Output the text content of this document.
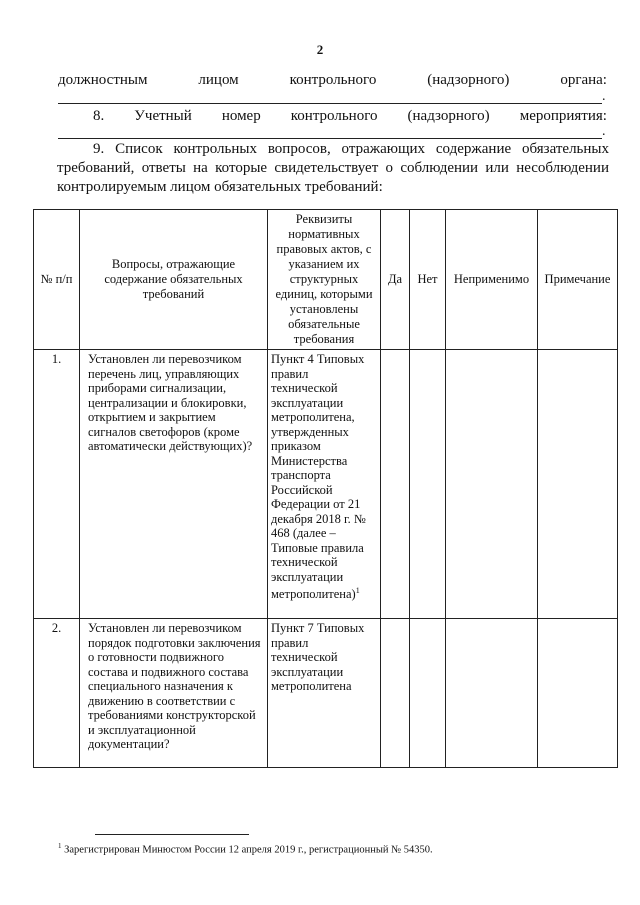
2
должностным	лицом	контрольного	(надзорного)	органа:
.
8. Учетный номер контрольного (надзорного) мероприятия:
.
9. Список контрольных вопросов, отражающих содержание обязательных требований, ответы на которые свидетельствует о соблюдении или несоблюдении контролируемым лицом обязательных требований:
№ п/п	Вопросы, отражающие содержание обязательных требований	Реквизиты нормативных правовых актов, с указанием их структурных единиц, которыми установлены обязательные требования	Да	Нет	Неприменимо	Примечание
1.	Установлен ли перевозчиком перечень лиц, управляющих приборами сигнализации, централизации и блокировки, открытием и закрытием сигналов светофоров (кроме автоматически действующих)?	Пункт 4 Типовых правил технической эксплуатации метрополитена, утвержденных приказом Министерства транспорта Российской Федерации от 21 декабря 2018 г. № 468 (далее – Типовые правила технической эксплуатации метрополитена)$^1$				
2.	Установлен ли перевозчиком порядок подготовки заключения о готовности подвижного состава и подвижного состава специального назначения к движению в соответствии с требованиями конструкторской и эксплуатационной документации?	Пункт 7 Типовых правил технической эксплуатации метрополитена				
$^1$ Зарегистрирован Минюстом России 12 апреля 2019 г., регистрационный № 54350.
